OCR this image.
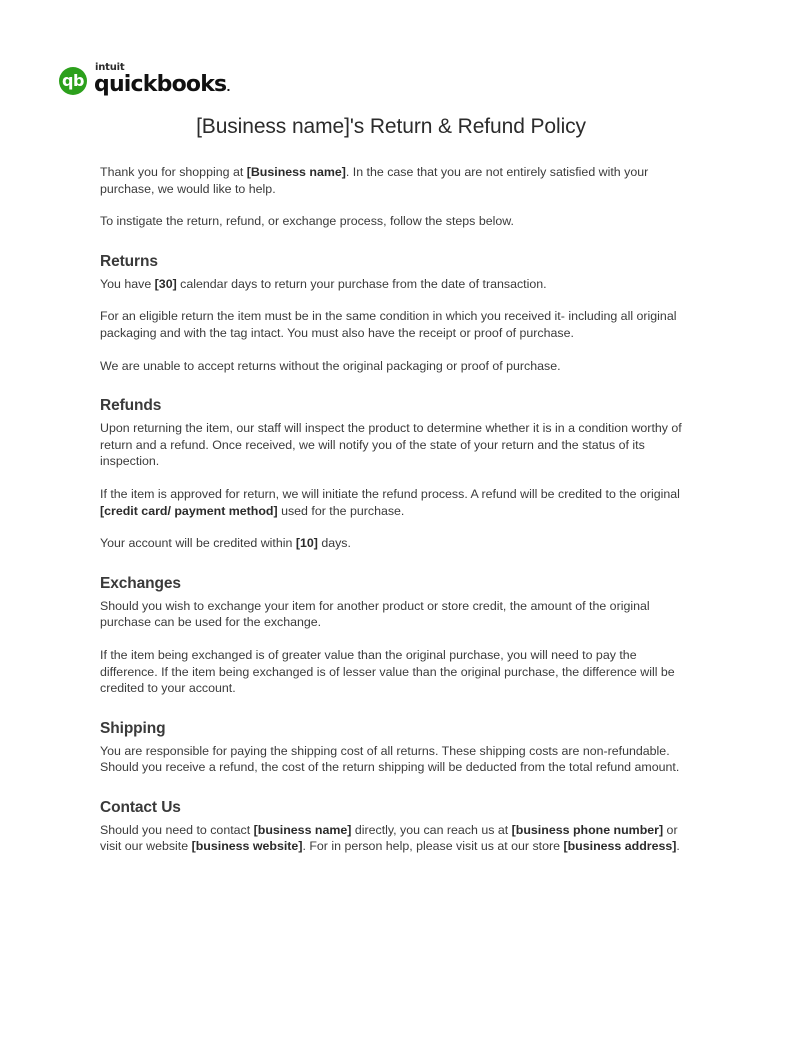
qb
intuit
quickbooks.
[Business name]'s Return & Refund Policy

Thank you for shopping at [Business name]. In the case that you are not entirely satisfied with your purchase, we would like to help.

To instigate the return, refund, or exchange process, follow the steps below.

Returns

You have [30] calendar days to return your purchase from the date of transaction.

For an eligible return the item must be in the same condition in which you received it- including all original packaging and with the tag intact. You must also have the receipt or proof of purchase.

We are unable to accept returns without the original packaging or proof of purchase.

Refunds

Upon returning the item, our staff will inspect the product to determine whether it is in a condition worthy of return and a refund. Once received, we will notify you of the state of your return and the status of its inspection.

If the item is approved for return, we will initiate the refund process. A refund will be credited to the original [credit card/ payment method] used for the purchase.

Your account will be credited within [10] days.

Exchanges

Should you wish to exchange your item for another product or store credit, the amount of the original purchase can be used for the exchange.

If the item being exchanged is of greater value than the original purchase, you will need to pay the difference. If the item being exchanged is of lesser value than the original purchase, the difference will be credited to your account.

Shipping

You are responsible for paying the shipping cost of all returns. These shipping costs are non-refundable. Should you receive a refund, the cost of the return shipping will be deducted from the total refund amount.

Contact Us

Should you need to contact [business name] directly, you can reach us at [business phone number] or visit our website [business website]. For in person help, please visit us at our store [business address].
